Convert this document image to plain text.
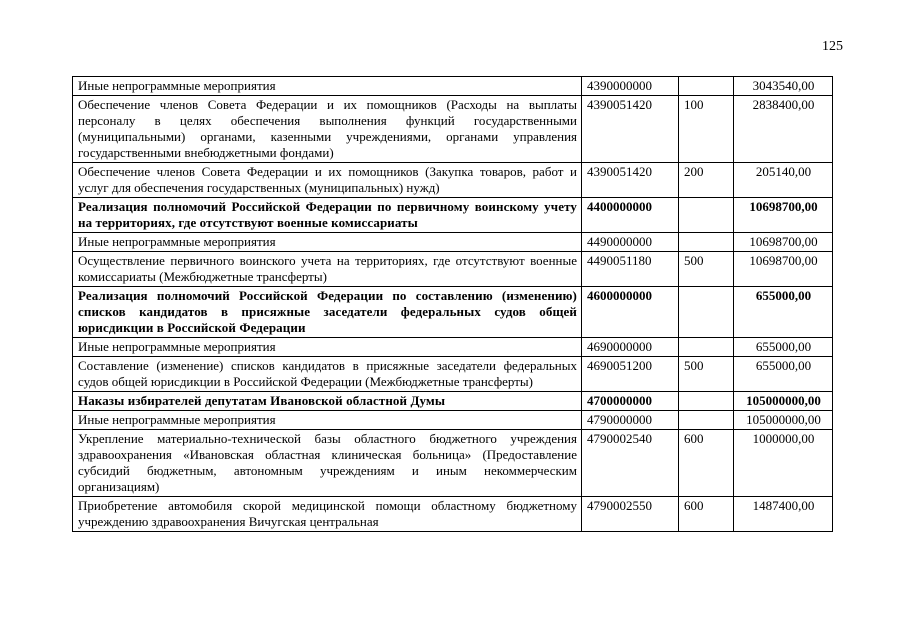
125
Иные непрограммные мероприятия	4390000000		3043540,00
Обеспечение членов Совета Федерации и их помощников (Расходы на выплаты персоналу в целях обеспечения выполнения функций государственными (муниципальными) органами, казенными учреждениями, органами управления государственными внебюджетными фондами)	4390051420	100	2838400,00
Обеспечение членов Совета Федерации и их помощников (Закупка товаров, работ и услуг для обеспечения государственных (муниципальных) нужд)	4390051420	200	205140,00
Реализация полномочий Российской Федерации по первичному воинскому учету на территориях, где отсутствуют военные комиссариаты	4400000000		10698700,00
Иные непрограммные мероприятия	4490000000		10698700,00
Осуществление первичного воинского учета на территориях, где отсутствуют военные комиссариаты (Межбюджетные трансферты)	4490051180	500	10698700,00
Реализация полномочий Российской Федерации по составлению (изменению) списков кандидатов в присяжные заседатели федеральных судов общей юрисдикции в Российской Федерации	4600000000		655000,00
Иные непрограммные мероприятия	4690000000		655000,00
Составление (изменение) списков кандидатов в присяжные заседатели федеральных судов общей юрисдикции в Российской Федерации (Межбюджетные трансферты)	4690051200	500	655000,00
Наказы избирателей депутатам Ивановской областной Думы	4700000000		105000000,00
Иные непрограммные мероприятия	4790000000		105000000,00
Укрепление материально-технической базы областного бюджетного учреждения здравоохранения «Ивановская областная клиническая больница» (Предоставление субсидий бюджетным, автономным учреждениям и иным некоммерческим организациям)	4790002540	600	1000000,00
Приобретение автомобиля скорой медицинской помощи областному бюджетному учреждению здравоохранения Вичугская центральная	4790002550	600	1487400,00
